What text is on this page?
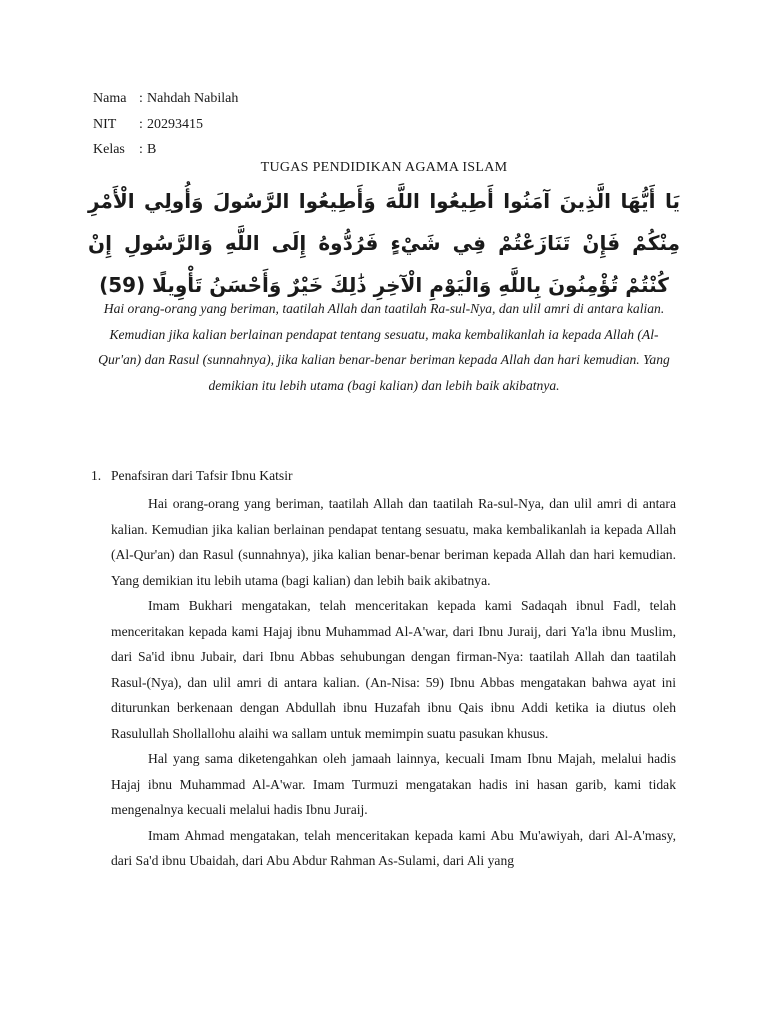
Nama : Nahdah Nabilah
NIT	: 20293415
Kelas	: B
TUGAS PENDIDIKAN AGAMA ISLAM
يَا أَيُّهَا الَّذِينَ آمَنُوا أَطِيعُوا اللَّهَ وَأَطِيعُوا الرَّسُولَ وَأُولِي الْأَمْرِ مِنْكُمْ فَإِنْ تَنَازَعْتُمْ فِي شَيْءٍ فَرُدُّوهُ إِلَى اللَّهِ وَالرَّسُولِ إِنْ كُنْتُمْ تُؤْمِنُونَ بِاللَّهِ وَالْيَوْمِ الْآخِرِ ذَٰلِكَ خَيْرٌ وَأَحْسَنُ تَأْوِيلًا (59)
Hai orang-orang yang beriman, taatilah Allah dan taatilah Ra-sul-Nya, dan ulil amri di antara kalian. Kemudian jika kalian berlainan pendapat tentang sesuatu, maka kembalikanlah ia kepada Allah (Al-Qur'an) dan Rasul (sunnahnya), jika kalian benar-benar beriman kepada Allah dan hari kemudian. Yang demikian itu lebih utama (bagi kalian) dan lebih baik akibatnya.
1. Penafsiran dari Tafsir Ibnu Katsir

Hai orang-orang yang beriman, taatilah Allah dan taatilah Ra-sul-Nya, dan ulil amri di antara kalian. Kemudian jika kalian berlainan pendapat tentang sesuatu, maka kembalikanlah ia kepada Allah (Al-Qur'an) dan Rasul (sunnahnya), jika kalian benar-benar beriman kepada Allah dan hari kemudian. Yang demikian itu lebih utama (bagi kalian) dan lebih baik akibatnya.

Imam Bukhari mengatakan, telah menceritakan kepada kami Sadaqah ibnul Fadl, telah menceritakan kepada kami Hajaj ibnu Muhammad Al-A'war, dari Ibnu Juraij, dari Ya'la ibnu Muslim, dari Sa'id ibnu Jubair, dari Ibnu Abbas sehubungan dengan firman-Nya: taatilah Allah dan taatilah Rasul-(Nya), dan ulil amri di antara kalian. (An-Nisa: 59) Ibnu Abbas mengatakan bahwa ayat ini diturunkan berkenaan dengan Abdullah ibnu Huzafah ibnu Qais ibnu Addi ketika ia diutus oleh Rasulullah Shollallohu alaihi wa sallam untuk memimpin suatu pasukan khusus.

Hal yang sama diketengahkan oleh jamaah lainnya, kecuali Imam Ibnu Majah, melalui hadis Hajaj ibnu Muhammad Al-A'war. Imam Turmuzi mengatakan hadis ini hasan garib, kami tidak mengenalnya kecuali melalui hadis Ibnu Juraij.

Imam Ahmad mengatakan, telah menceritakan kepada kami Abu Mu'awiyah, dari Al-A'masy, dari Sa'd ibnu Ubaidah, dari Abu Abdur Rahman As-Sulami, dari Ali yang
